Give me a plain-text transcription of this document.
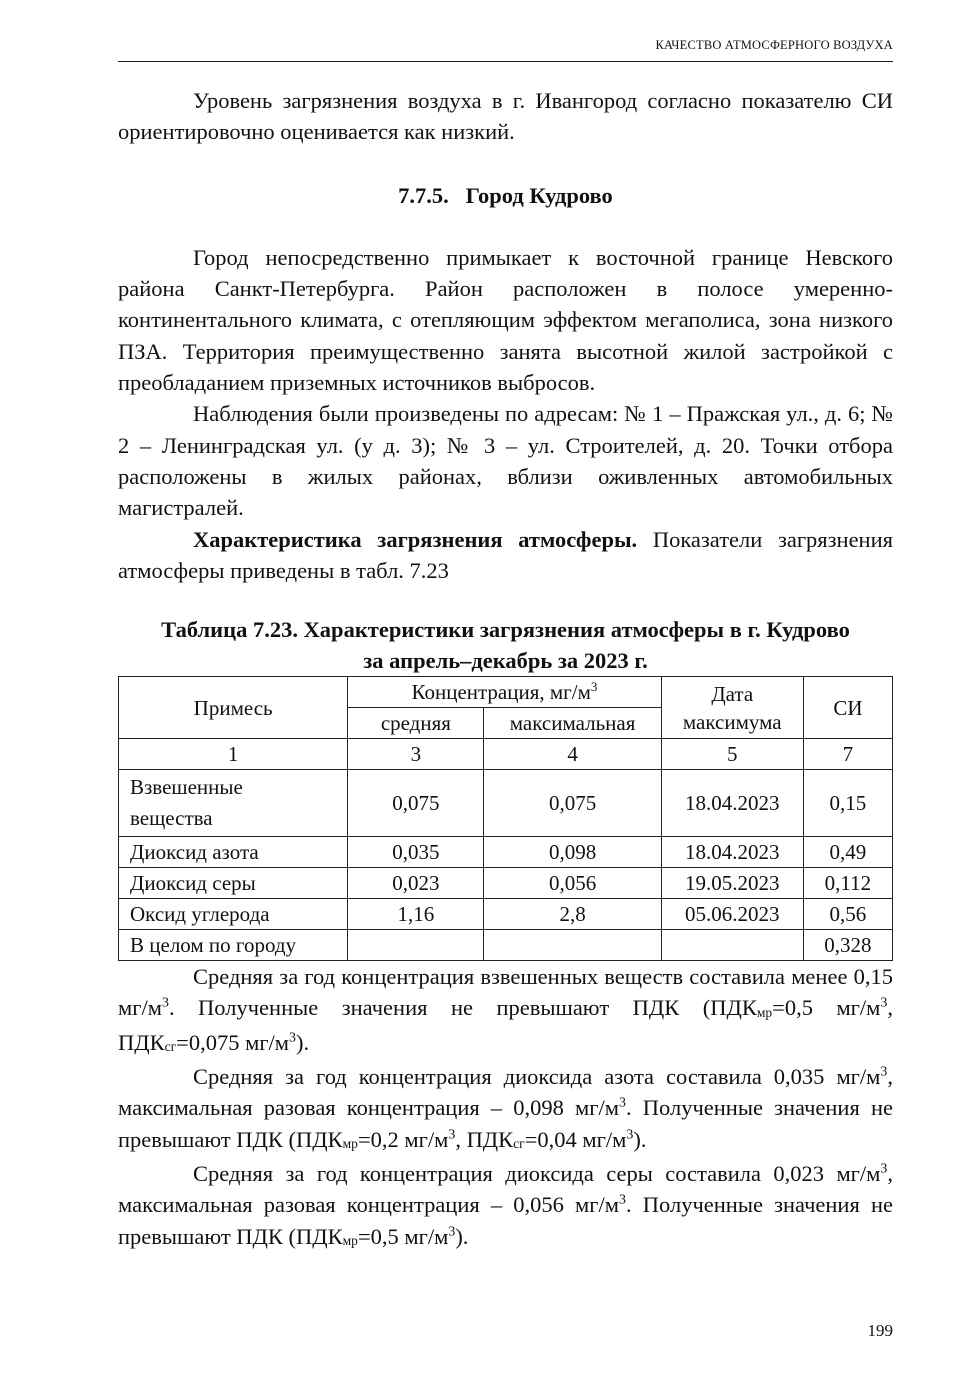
КАЧЕСТВО АТМОСФЕРНОГО ВОЗДУХА

Уровень загрязнения воздуха в г. Ивангород согласно показателю СИ ориентировочно оценивается как низкий.

7.7.5. Город Кудрово

Город непосредственно примыкает к восточной границе Невского района Санкт-Петербурга. Район расположен в полосе умеренно-континентального климата, с отепляющим эффектом мегаполиса, зона низкого ПЗА. Территория преимущественно занята высотной жилой застройкой с преобладанием приземных источников выбросов.

Наблюдения были произведены по адресам: № 1 – Пражская ул., д. 6; № 2 – Ленинградская ул. (у д. 3); № 3 – ул. Строителей, д. 20. Точки отбора расположены в жилых районах, вблизи оживленных автомобильных магистралей.

Характеристика загрязнения атмосферы. Показатели загрязнения атмосферы приведены в табл. 7.23

Таблица 7.23. Характеристики загрязнения атмосферы в г. Кудрово
за апрель–декабрь за 2023 г.
Примесь	Концентрация, $мг/м^3$		Дата максимума	СИ
	средняя	максимальная		
1	3	4	5	7
Взвешенные вещества	0,075	0,075	18.04.2023	0,15
Диоксид азота	0,035	0,098	18.04.2023	0,49
Диоксид серы	0,023	0,056	19.05.2023	0,112
Оксид углерода	1,16	2,8	05.06.2023	0,56
В целом по городу				0,328

Средняя за год концентрация взвешенных веществ составила менее 0,15 $мг/м^3$. Полученные значения не превышают ПДК ($ПДК_{мр}=0,5$ $мг/м^3$, $ПДК_{сг}=0,075$ $мг/м^3$).

Средняя за год концентрация диоксида азота составила 0,035 $мг/м^3$, максимальная разовая концентрация – 0,098 $мг/м^3$. Полученные значения не превышают ПДК ($ПДК_{мр}=0,2$ $мг/м^3$, $ПДК_{сг}=0,04$ $мг/м^3$).

Средняя за год концентрация диоксида серы составила 0,023 $мг/м^3$, максимальная разовая концентрация – 0,056 $мг/м^3$. Полученные значения не превышают ПДК ($ПДК_{мр}=0,5$ $мг/м^3$).

199
